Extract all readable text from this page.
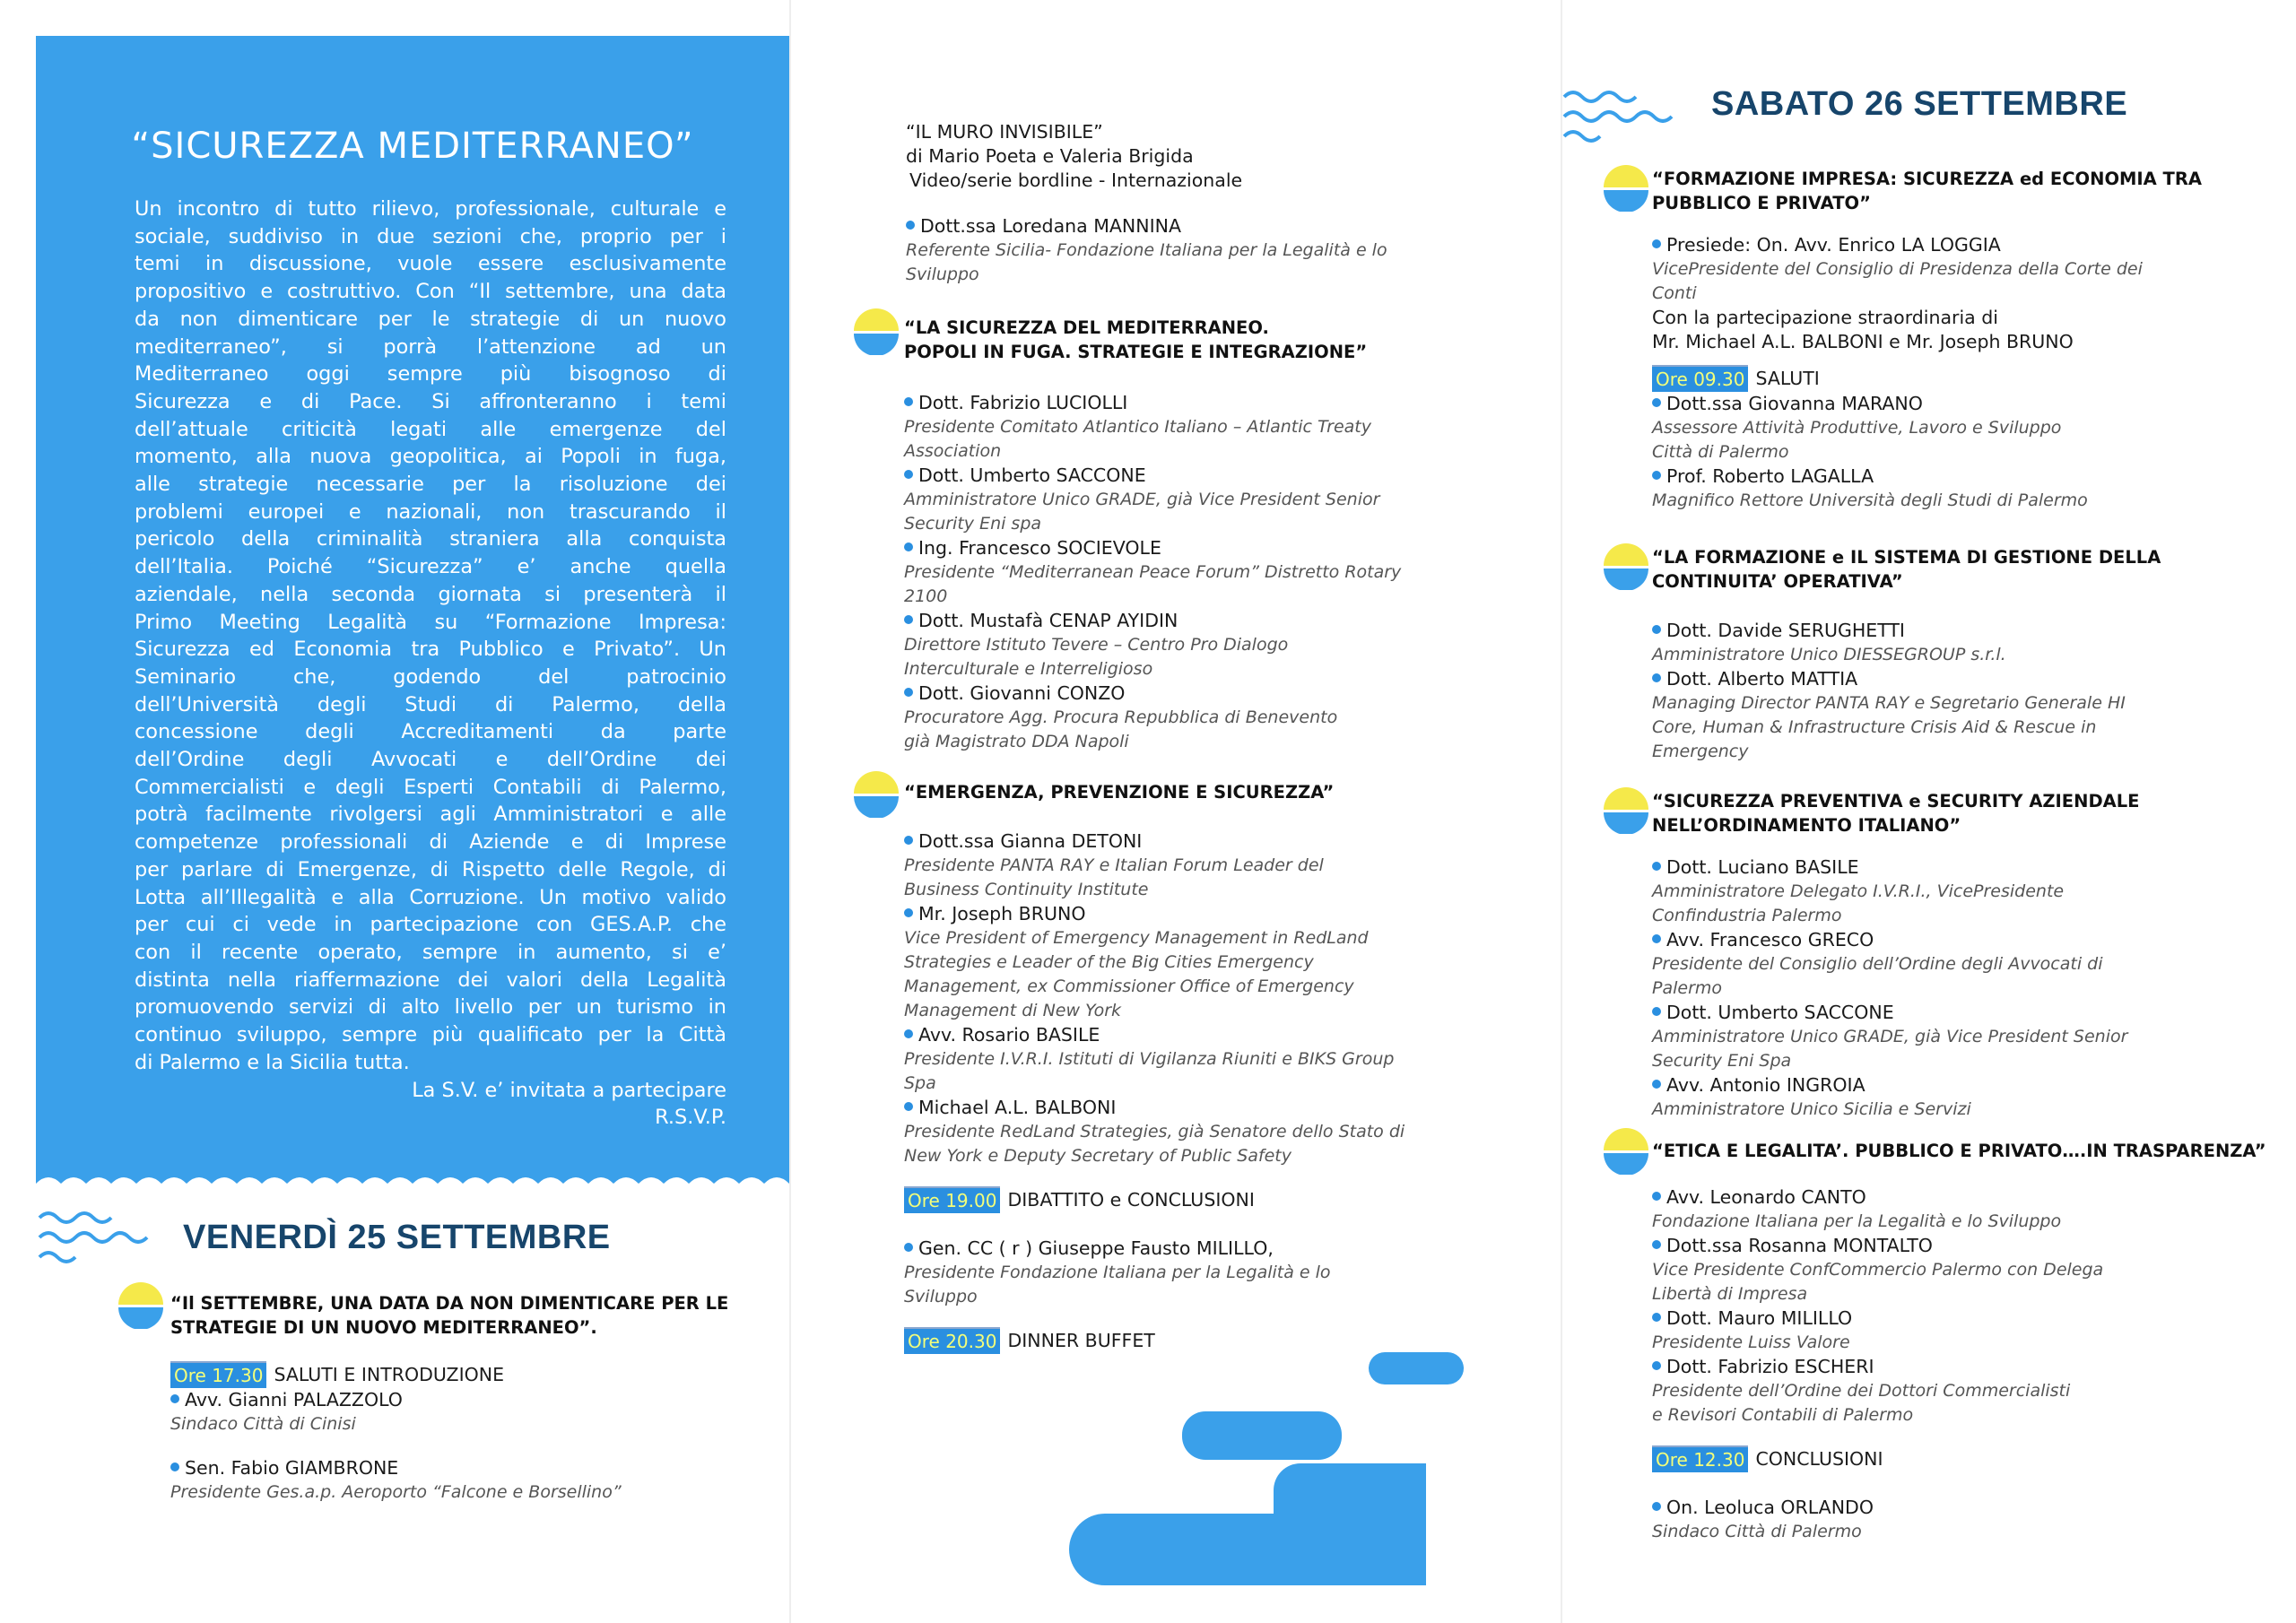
“SICUREZZA MEDITERRANEO”
Un incontro di tutto rilievo, professionale, culturale e
sociale, suddiviso in due sezioni che, proprio per i
temi in discussione, vuole essere esclusivamente
propositivo e costruttivo. Con “Il settembre, una data
da non dimenticare per le strategie di un nuovo
mediterraneo”, si porrà l’attenzione ad un
Mediterraneo oggi sempre più bisognoso di
Sicurezza e di Pace. Si affronteranno i temi
dell’attuale criticità legati alle emergenze del
momento, alla nuova geopolitica, ai Popoli in fuga,
alle strategie necessarie per la risoluzione dei
problemi europei e nazionali, non trascurando il
pericolo della criminalità straniera alla conquista
dell’Italia. Poiché “Sicurezza” e’ anche quella
aziendale, nella seconda giornata si presenterà il
Primo Meeting Legalità su “Formazione Impresa:
Sicurezza ed Economia tra Pubblico e Privato”. Un
Seminario che, godendo del patrocinio
dell’Università degli Studi di Palermo, della
concessione degli Accreditamenti da parte
dell’Ordine degli Avvocati e dell’Ordine dei
Commercialisti e degli Esperti Contabili di Palermo,
potrà facilmente rivolgersi agli Amministratori e alle
competenze professionali di Aziende e di Imprese
per parlare di Emergenze, di Rispetto delle Regole, di
Lotta all’Illegalità e alla Corruzione. Un motivo valido
per cui ci vede in partecipazione con GES.A.P. che
con il recente operato, sempre in aumento, si e’
distinta nella riaffermazione dei valori della Legalità
promuovendo servizi di alto livello per un turismo in
continuo sviluppo, sempre più qualificato per la Città
di Palermo e la Sicilia tutta.
La S.V. e’ invitata a partecipare
R.S.V.P.
VENERDÌ 25 SETTEMBRE
“Il SETTEMBRE, UNA DATA DA NON DIMENTICARE PER LE
STRATEGIE DI UN NUOVO MEDITERRANEO”.
Ore 17.30 SALUTI E INTRODUZIONE
Avv. Gianni PALAZZOLO
Sindaco Città di Cinisi
Sen. Fabio GIAMBRONE
Presidente Ges.a.p. Aeroporto “Falcone e Borsellino”
“IL MURO INVISIBILE”
di Mario Poeta e Valeria Brigida
Video/serie bordline - Internazionale
Dott.ssa Loredana MANNINA
Referente Sicilia- Fondazione Italiana per la Legalità e lo
Sviluppo
“LA SICUREZZA DEL MEDITERRANEO.
POPOLI IN FUGA. STRATEGIE E INTEGRAZIONE”
Dott. Fabrizio LUCIOLLI
Presidente Comitato Atlantico Italiano – Atlantic Treaty
Association
Dott. Umberto SACCONE
Amministratore Unico GRADE, già Vice President Senior
Security Eni spa
Ing. Francesco SOCIEVOLE
Presidente “Mediterranean Peace Forum” Distretto Rotary
2100
Dott. Mustafà CENAP AYIDIN
Direttore Istituto Tevere – Centro Pro Dialogo
Interculturale e Interreligioso
Dott. Giovanni CONZO
Procuratore Agg. Procura Repubblica di Benevento
già Magistrato DDA Napoli
“EMERGENZA, PREVENZIONE E SICUREZZA”
Dott.ssa Gianna DETONI
Presidente PANTA RAY e Italian Forum Leader del
Business Continuity Institute
Mr. Joseph BRUNO
Vice President of Emergency Management in RedLand
Strategies e Leader of the Big Cities Emergency
Management, ex Commissioner Office of Emergency
Management di New York
Avv. Rosario BASILE
Presidente I.V.R.I. Istituti di Vigilanza Riuniti e BIKS Group
Spa
Michael A.L. BALBONI
Presidente RedLand Strategies, già Senatore dello Stato di
New York e Deputy Secretary of Public Safety
Ore 19.00 DIBATTITO e CONCLUSIONI
Gen. CC ( r ) Giuseppe Fausto MILILLO,
Presidente Fondazione Italiana per la Legalità e lo
Sviluppo
Ore 20.30 DINNER BUFFET
SABATO 26 SETTEMBRE
“FORMAZIONE IMPRESA: SICUREZZA ed ECONOMIA TRA
PUBBLICO E PRIVATO”
Presiede: On. Avv. Enrico LA LOGGIA
VicePresidente del Consiglio di Presidenza della Corte dei
Conti
Con la partecipazione straordinaria di
Mr. Michael A.L. BALBONI e Mr. Joseph BRUNO
Ore 09.30 SALUTI
Dott.ssa Giovanna MARANO
Assessore Attività Produttive, Lavoro e Sviluppo
Città di Palermo
Prof. Roberto LAGALLA
Magnifico Rettore Università degli Studi di Palermo
“LA FORMAZIONE e IL SISTEMA DI GESTIONE DELLA
CONTINUITA’ OPERATIVA”
Dott. Davide SERUGHETTI
Amministratore Unico DIESSEGROUP s.r.l.
Dott. Alberto MATTIA
Managing Director PANTA RAY e Segretario Generale HI
Core, Human & Infrastructure Crisis Aid & Rescue in
Emergency
“SICUREZZA PREVENTIVA e SECURITY AZIENDALE
NELL’ORDINAMENTO ITALIANO”
Dott. Luciano BASILE
Amministratore Delegato I.V.R.I., VicePresidente
Confindustria Palermo
Avv. Francesco GRECO
Presidente del Consiglio dell’Ordine degli Avvocati di
Palermo
Dott. Umberto SACCONE
Amministratore Unico GRADE, già Vice President Senior
Security Eni Spa
Avv. Antonio INGROIA
Amministratore Unico Sicilia e Servizi
“ETICA E LEGALITA’. PUBBLICO E PRIVATO….IN TRASPARENZA”
Avv. Leonardo CANTO
Fondazione Italiana per la Legalità e lo Sviluppo
Dott.ssa Rosanna MONTALTO
Vice Presidente ConfCommercio Palermo con Delega
Libertà di Impresa
Dott. Mauro MILILLO
Presidente Luiss Valore
Dott. Fabrizio ESCHERI
Presidente dell’Ordine dei Dottori Commercialisti
e Revisori Contabili di Palermo
Ore 12.30 CONCLUSIONI
On. Leoluca ORLANDO
Sindaco Città di Palermo
